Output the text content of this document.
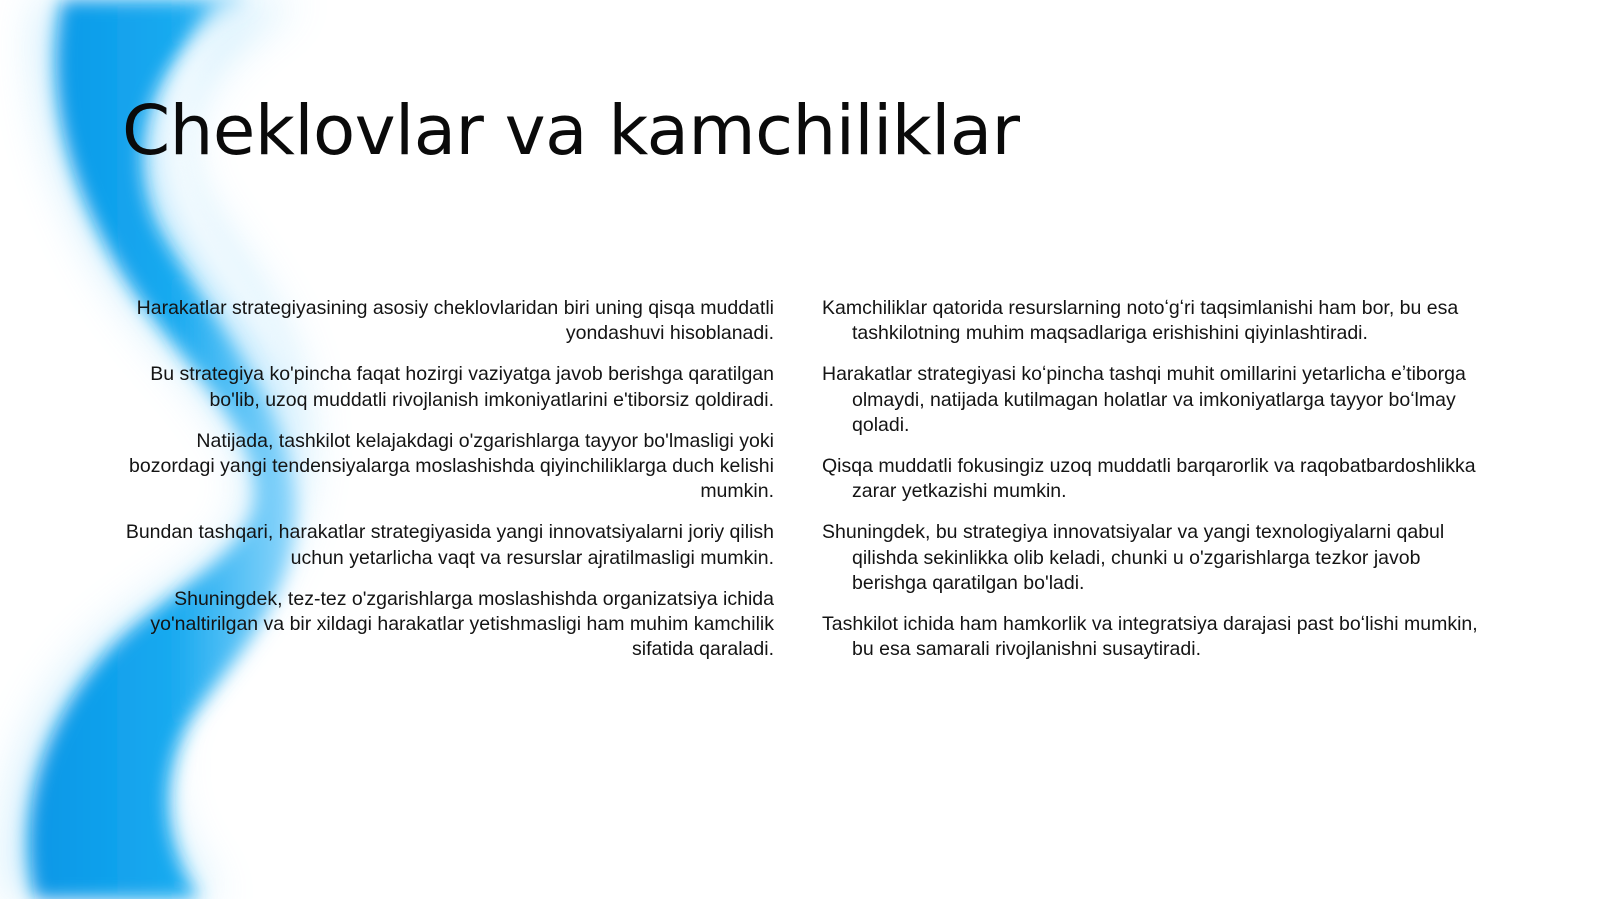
Cheklovlar va kamchiliklar

Harakatlar strategiyasining asosiy cheklovlaridan biri uning qisqa muddatli yondashuvi hisoblanadi.

Bu strategiya ko'pincha faqat hozirgi vaziyatga javob berishga qaratilgan bo'lib, uzoq muddatli rivojlanish imkoniyatlarini e'tiborsiz qoldiradi.

Natijada, tashkilot kelajakdagi o'zgarishlarga tayyor bo'lmasligi yoki bozordagi yangi tendensiyalarga moslashishda qiyinchiliklarga duch kelishi mumkin.

Bundan tashqari, harakatlar strategiyasida yangi innovatsiyalarni joriy qilish uchun yetarlicha vaqt va resurslar ajratilmasligi mumkin.

Shuningdek, tez-tez o'zgarishlarga moslashishda organizatsiya ichida yo'naltirilgan va bir xildagi harakatlar yetishmasligi ham muhim kamchilik sifatida qaraladi.

Kamchiliklar qatorida resurslarning notoʻgʻri taqsimlanishi ham bor, bu esa tashkilotning muhim maqsadlariga erishishini qiyinlashtiradi.

Harakatlar strategiyasi koʻpincha tashqi muhit omillarini yetarlicha eʼtiborga olmaydi, natijada kutilmagan holatlar va imkoniyatlarga tayyor boʻlmay qoladi.

Qisqa muddatli fokusingiz uzoq muddatli barqarorlik va raqobatbardoshlikka zarar yetkazishi mumkin.

Shuningdek, bu strategiya innovatsiyalar va yangi texnologiyalarni qabul qilishda sekinlikka olib keladi, chunki u o'zgarishlarga tezkor javob berishga qaratilgan bo'ladi.

Tashkilot ichida ham hamkorlik va integratsiya darajasi past boʻlishi mumkin, bu esa samarali rivojlanishni susaytiradi.
